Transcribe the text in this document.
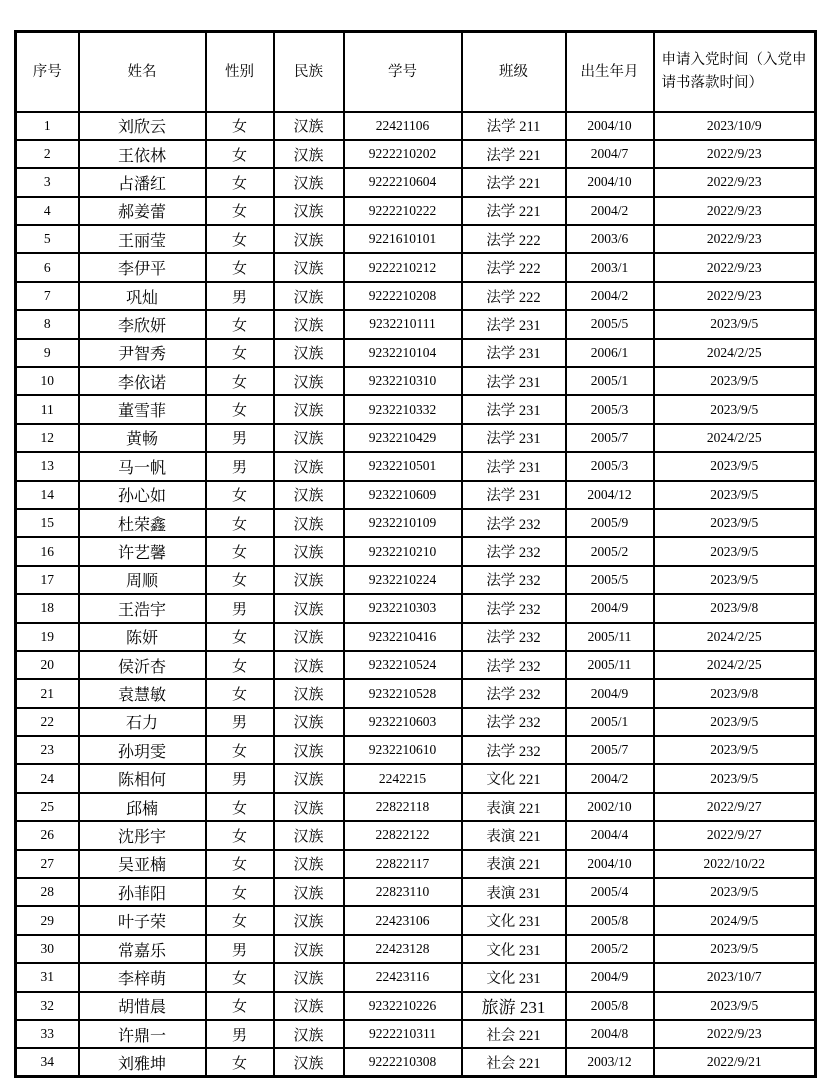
序号	姓名	性别	民族	学号	班级	出生年月	申请入党时间（入党申请书落款时间）
1	刘欣云	女	汉族	22421106	法学 211	2004/10	2023/10/9
2	王依林	女	汉族	9222210202	法学 221	2004/7	2022/9/23
3	占潘红	女	汉族	9222210604	法学 221	2004/10	2022/9/23
4	郝姜蕾	女	汉族	9222210222	法学 221	2004/2	2022/9/23
5	王丽莹	女	汉族	9221610101	法学 222	2003/6	2022/9/23
6	李伊平	女	汉族	9222210212	法学 222	2003/1	2022/9/23
7	巩灿	男	汉族	9222210208	法学 222	2004/2	2022/9/23
8	李欣妍	女	汉族	9232210111	法学 231	2005/5	2023/9/5
9	尹智秀	女	汉族	9232210104	法学 231	2006/1	2024/2/25
10	李依诺	女	汉族	9232210310	法学 231	2005/1	2023/9/5
11	董雪菲	女	汉族	9232210332	法学 231	2005/3	2023/9/5
12	黄畅	男	汉族	9232210429	法学 231	2005/7	2024/2/25
13	马一帆	男	汉族	9232210501	法学 231	2005/3	2023/9/5
14	孙心如	女	汉族	9232210609	法学 231	2004/12	2023/9/5
15	杜荣鑫	女	汉族	9232210109	法学 232	2005/9	2023/9/5
16	许艺馨	女	汉族	9232210210	法学 232	2005/2	2023/9/5
17	周顺	女	汉族	9232210224	法学 232	2005/5	2023/9/5
18	王浩宇	男	汉族	9232210303	法学 232	2004/9	2023/9/8
19	陈妍	女	汉族	9232210416	法学 232	2005/11	2024/2/25
20	侯沂杏	女	汉族	9232210524	法学 232	2005/11	2024/2/25
21	袁慧敏	女	汉族	9232210528	法学 232	2004/9	2023/9/8
22	石力	男	汉族	9232210603	法学 232	2005/1	2023/9/5
23	孙玥雯	女	汉族	9232210610	法学 232	2005/7	2023/9/5
24	陈相何	男	汉族	2242215	文化 221	2004/2	2023/9/5
25	邱楠	女	汉族	22822118	表演 221	2002/10	2022/9/27
26	沈彤宇	女	汉族	22822122	表演 221	2004/4	2022/9/27
27	吴亚楠	女	汉族	22822117	表演 221	2004/10	2022/10/22
28	孙菲阳	女	汉族	22823110	表演 231	2005/4	2023/9/5
29	叶子荣	女	汉族	22423106	文化 231	2005/8	2024/9/5
30	常嘉乐	男	汉族	22423128	文化 231	2005/2	2023/9/5
31	李梓萌	女	汉族	22423116	文化 231	2004/9	2023/10/7
32	胡惜晨	女	汉族	9232210226	旅游 231	2005/8	2023/9/5
33	许鼎一	男	汉族	9222210311	社会 221	2004/8	2022/9/23
34	刘雅坤	女	汉族	9222210308	社会 221	2003/12	2022/9/21
